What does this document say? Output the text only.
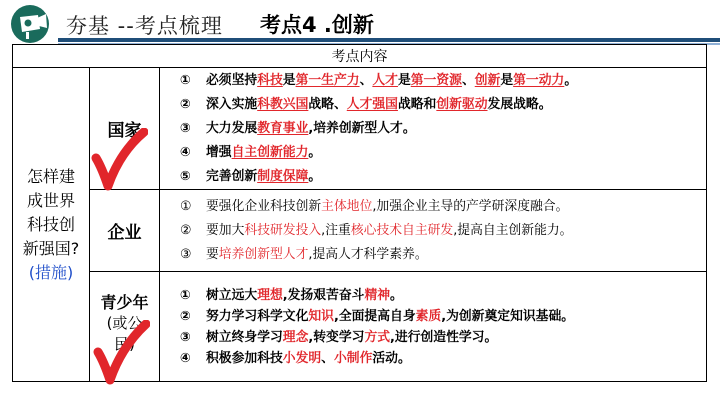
夯基 --考点梳理 考点4 .创新
考点内容
怎样建
成世界
科技创
新强国?
(措施)
国家
企业
青少年
(或公
民)
① 必须坚持科技是第一生产力、人才是第一资源、创新是第一动力。
② 深入实施科教兴国战略、人才强国战略和创新驱动发展战略。
③ 大力发展教育事业,培养创新型人才。
④ 增强自主创新能力。
⑤ 完善创新制度保障。
① 要强化企业科技创新主体地位,加强企业主导的产学研深度融合。
② 要加大科技研发投入,注重核心技术自主研发,提高自主创新能力。
③ 要培养创新型人才,提高人才科学素养。
① 树立远大理想,发扬艰苦奋斗精神。
② 努力学习科学文化知识,全面提高自身素质,为创新奠定知识基础。
③ 树立终身学习理念,转变学习方式,进行创造性学习。
④ 积极参加科技小发明、小制作活动。
